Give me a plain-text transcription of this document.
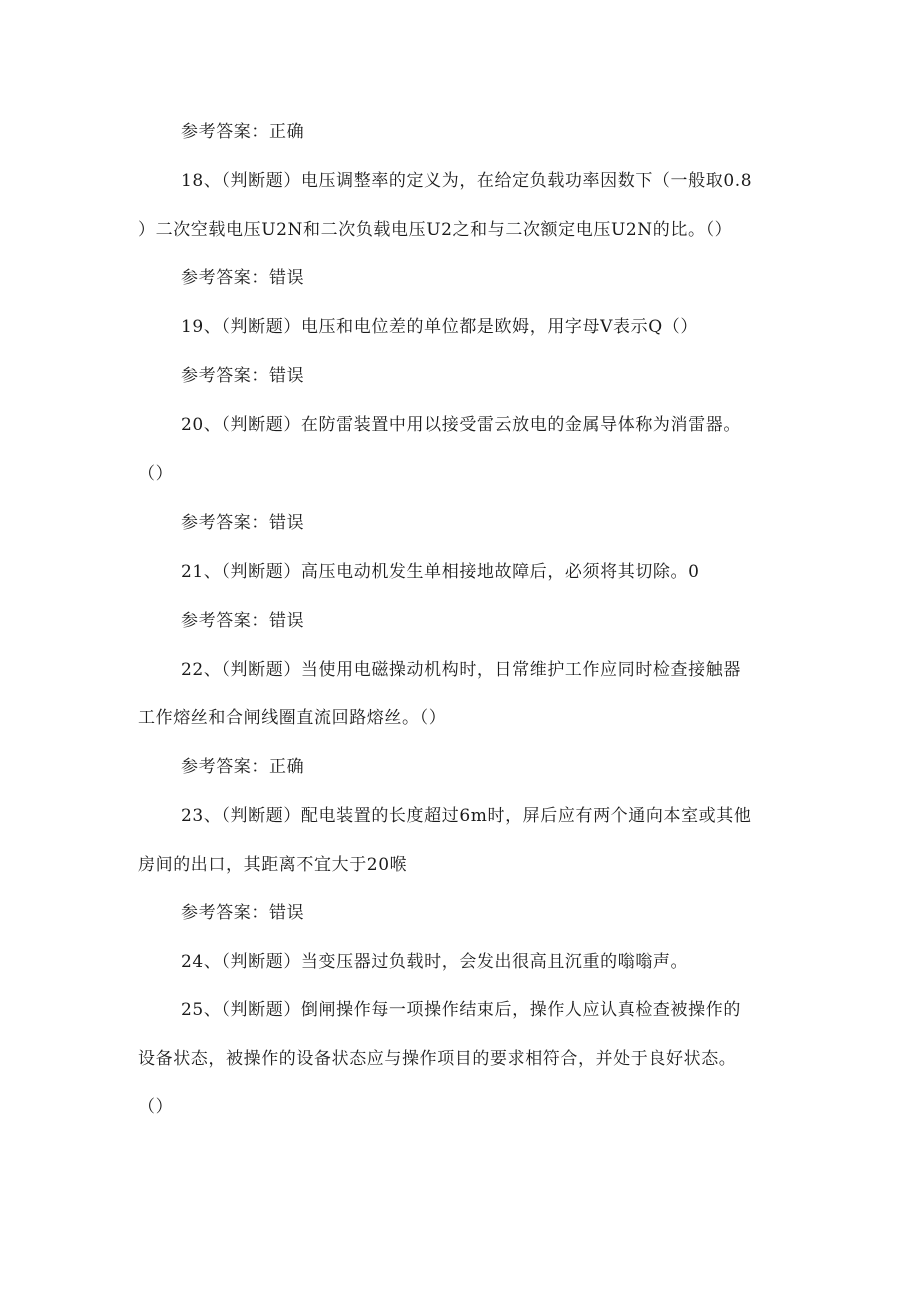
参考答案：正确
18、（判断题）电压调整率的定义为，在给定负载功率因数下（一般取0.8
）二次空载电压U2N和二次负载电压U2之和与二次额定电压U2N的比。（）
参考答案：错误
19、（判断题）电压和电位差的单位都是欧姆，用字母V表示Q（）
参考答案：错误
20、（判断题）在防雷装置中用以接受雷云放电的金属导体称为消雷器。
（）
参考答案：错误
21、（判断题）高压电动机发生单相接地故障后，必须将其切除。0
参考答案：错误
22、（判断题）当使用电磁操动机构时，日常维护工作应同时检查接触器
工作熔丝和合闸线圈直流回路熔丝。（）
参考答案：正确
23、（判断题）配电装置的长度超过6m时，屏后应有两个通向本室或其他
房间的出口，其距离不宜大于20喉
参考答案：错误
24、（判断题）当变压器过负载时，会发出很高且沉重的嗡嗡声。
25、（判断题）倒闸操作每一项操作结束后，操作人应认真检查被操作的
设备状态，被操作的设备状态应与操作项目的要求相符合，并处于良好状态。
（）
